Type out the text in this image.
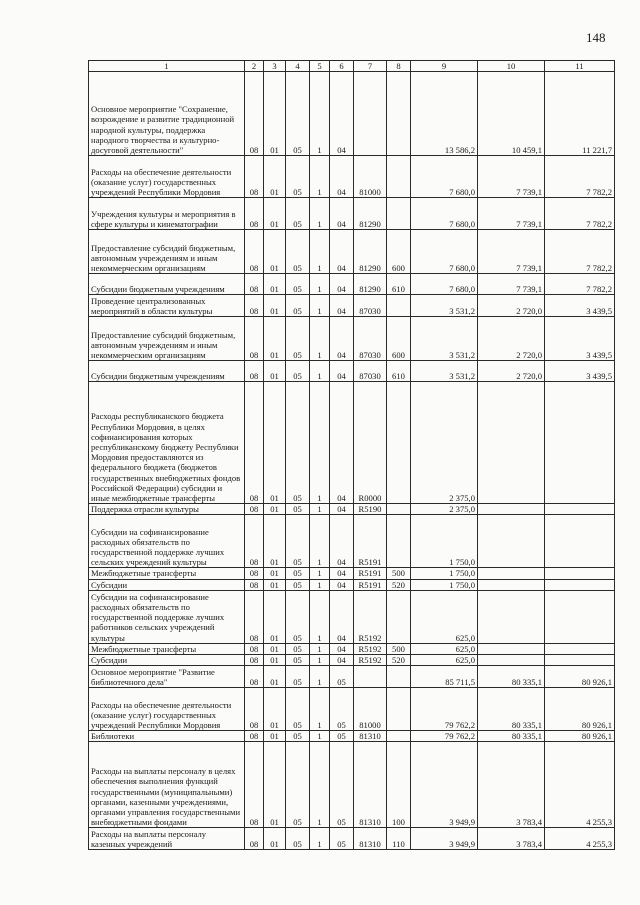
148
1	2	3	4	5	6	7	8	9	10	11
Основное мероприятие "Сохранение, возрождение и развитие традиционной народной культуры, поддержка народного творчества и культурно-досуговой деятельности"	08	01	05	1	04			13 586,2	10 459,1	11 221,7
Расходы на обеспечение деятельности (оказание услуг) государственных учреждений Республики Мордовия	08	01	05	1	04	81000		7 680,0	7 739,1	7 782,2
Учреждения культуры и мероприятия в сфере культуры и кинематографии	08	01	05	1	04	81290		7 680,0	7 739,1	7 782,2
Предоставление субсидий бюджетным, автономным учреждениям и иным некоммерческим организациям	08	01	05	1	04	81290	600	7 680,0	7 739,1	7 782,2
Субсидии бюджетным учреждениям	08	01	05	1	04	81290	610	7 680,0	7 739,1	7 782,2
Проведение централизованных мероприятий в области культуры	08	01	05	1	04	87030		3 531,2	2 720,0	3 439,5
Предоставление субсидий бюджетным, автономным учреждениям и иным некоммерческим организациям	08	01	05	1	04	87030	600	3 531,2	2 720,0	3 439,5
Субсидии бюджетным учреждениям	08	01	05	1	04	87030	610	3 531,2	2 720,0	3 439,5
Расходы республиканского бюджета Республики Мордовия, в целях софинансирования которых республиканскому бюджету Республики Мордовия предоставляются из федерального бюджета (бюджетов государственных внебюджетных фондов Российской Федерации) субсидии и иные межбюджетные трансферты	08	01	05	1	04	R0000		2 375,0		
Поддержка отрасли культуры	08	01	05	1	04	R5190		2 375,0		
Субсидии на софинансирование расходных обязательств по государственной поддержке лучших сельских учреждений культуры	08	01	05	1	04	R5191		1 750,0		
Межбюджетные трансферты	08	01	05	1	04	R5191	500	1 750,0		
Субсидии	08	01	05	1	04	R5191	520	1 750,0		
Субсидии на софинансирование расходных обязательств по государственной поддержке лучших работников сельских учреждений культуры	08	01	05	1	04	R5192		625,0		
Межбюджетные трансферты	08	01	05	1	04	R5192	500	625,0		
Субсидии	08	01	05	1	04	R5192	520	625,0		
Основное мероприятие "Развитие библиотечного дела"	08	01	05	1	05			85 711,5	80 335,1	80 926,1
Расходы на обеспечение деятельности (оказание услуг) государственных учреждений Республики Мордовия	08	01	05	1	05	81000		79 762,2	80 335,1	80 926,1
Библиотеки	08	01	05	1	05	81310		79 762,2	80 335,1	80 926,1
Расходы на выплаты персоналу в целях обеспечения выполнения функций государственными (муниципальными) органами, казенными учреждениями, органами управления государственными внебюджетными фондами	08	01	05	1	05	81310	100	3 949,9	3 783,4	4 255,3
Расходы на выплаты персоналу казенных учреждений	08	01	05	1	05	81310	110	3 949,9	3 783,4	4 255,3
